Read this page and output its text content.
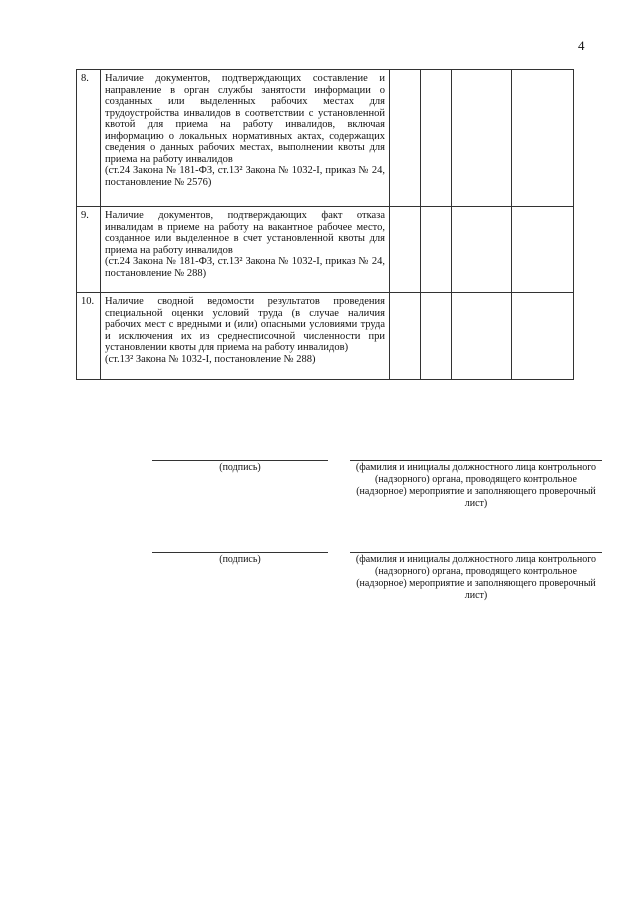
4
8.	Наличие документов, подтверждающих составление и направление в орган службы занятости информации о созданных или выделенных рабочих местах для трудоустройства инвалидов в соответствии с установленной квотой для приема на работу инвалидов, включая информацию о локальных нормативных актах, содержащих сведения о данных рабочих местах, выполнении квоты для приема на работу инвалидов
(ст.24 Закона № 181-ФЗ, ст.13² Закона № 1032-I, приказ № 24, постановление № 2576)				

9.	Наличие документов, подтверждающих факт отказа инвалидам в приеме на работу на вакантное рабочее место, созданное или выделенное в счет установленной квоты для приема на работу инвалидов
(ст.24 Закона № 181-ФЗ, ст.13² Закона № 1032-I, приказ № 24, постановление № 288)				

10.	Наличие сводной ведомости результатов проведения специальной оценки условий труда (в случае наличия рабочих мест с вредными и (или) опасными условиями труда и исключения их из среднесписочной численности при установлении квоты для приема на работу инвалидов)
(ст.13² Закона № 1032-I, постановление № 288)				

(подпись)	(фамилия и инициалы должностного лица контрольного (надзорного) органа, проводящего контрольное (надзорное) мероприятие и заполняющего проверочный лист)
(подпись)	(фамилия и инициалы должностного лица контрольного (надзорного) органа, проводящего контрольное (надзорное) мероприятие и заполняющего проверочный лист)
